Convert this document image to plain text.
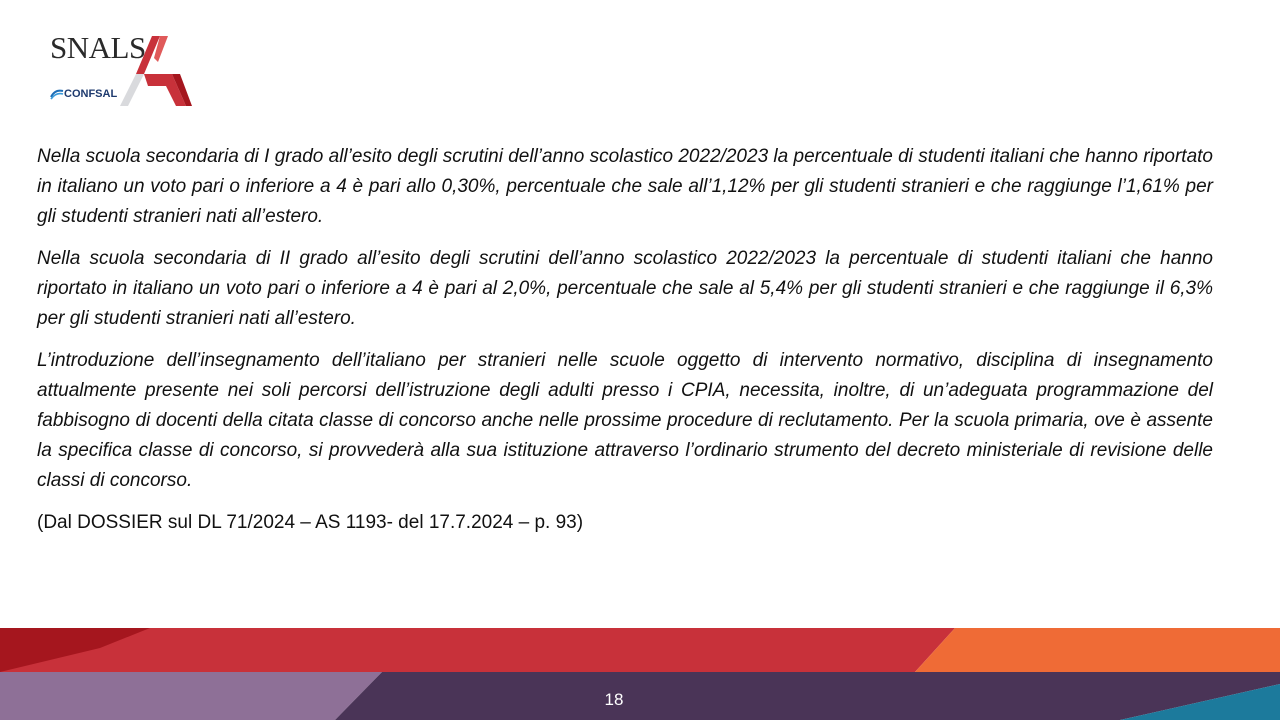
SNALS
CONFSAL

Nella scuola secondaria di I grado all’esito degli scrutini dell’anno scolastico 2022/2023 la percentuale di studenti italiani che hanno riportato in italiano un voto pari o inferiore a 4 è pari allo 0,30%, percentuale che sale all’1,12% per gli studenti stranieri e che raggiunge l’1,61% per gli studenti stranieri nati all’estero.

Nella scuola secondaria di II grado all’esito degli scrutini dell’anno scolastico 2022/2023 la percentuale di studenti italiani che hanno riportato in italiano un voto pari o inferiore a 4 è pari al 2,0%, percentuale che sale al 5,4% per gli studenti stranieri e che raggiunge il 6,3% per gli studenti stranieri nati all’estero.

L’introduzione dell’insegnamento dell’italiano per stranieri nelle scuole oggetto di intervento normativo, disciplina di insegnamento attualmente presente nei soli percorsi dell’istruzione degli adulti presso i CPIA, necessita, inoltre, di un’adeguata programmazione del fabbisogno di docenti della citata classe di concorso anche nelle prossime procedure di reclutamento. Per la scuola primaria, ove è assente la specifica classe di concorso, si provvederà alla sua istituzione attraverso l’ordinario strumento del decreto ministeriale di revisione delle classi di concorso.

(Dal DOSSIER sul DL 71/2024 – AS 1193- del 17.7.2024 – p. 93)

18
